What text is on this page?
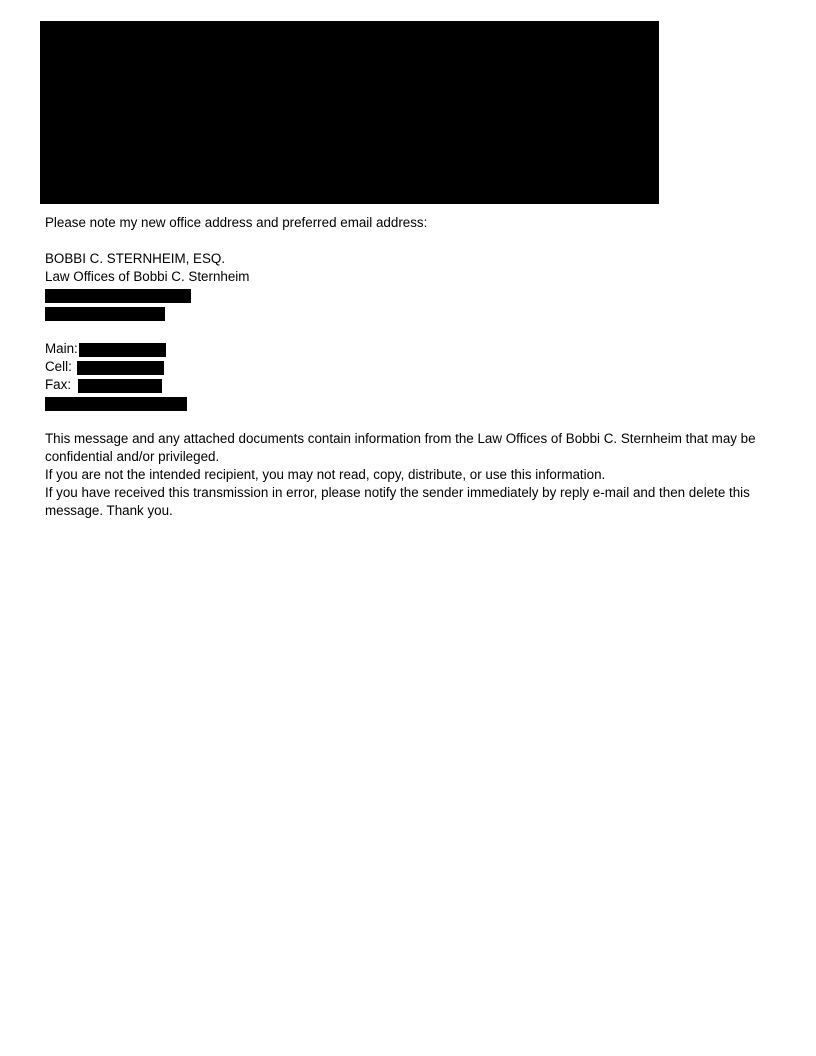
Please note my new office address and preferred email address:
BOBBI C. STERNHEIM, ESQ.
Law Offices of Bobbi C. Sternheim
Main:
Cell:
Fax:

This message and any attached documents contain information from the Law Offices of Bobbi C. Sternheim that may be confidential and/or privileged.

If you are not the intended recipient, you may not read, copy, distribute, or use this information.

If you have received this transmission in error, please notify the sender immediately by reply e-mail and then delete this message. Thank you.
